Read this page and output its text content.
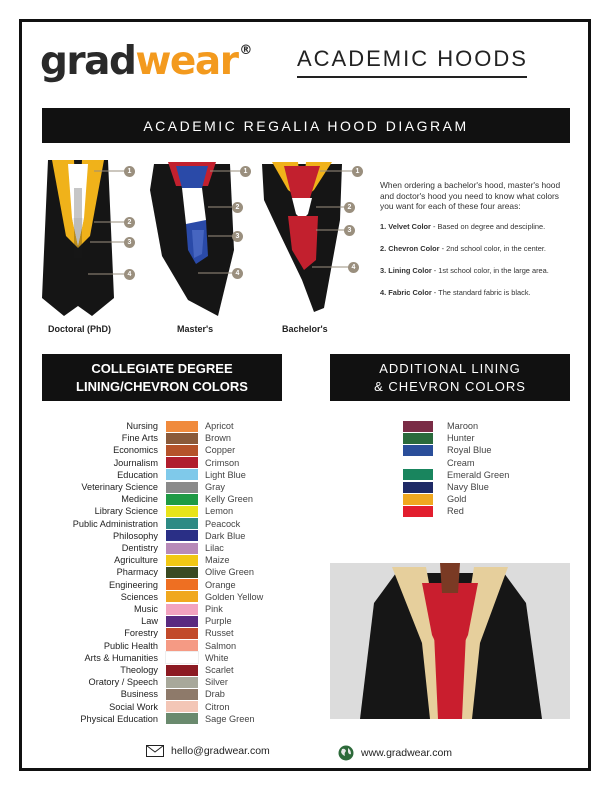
gradwear ® ACADEMIC HOODS
ACADEMIC REGALIA HOOD DIAGRAM
1
2
3
4
Doctoral (PhD)
1
2
3
4
Master's
1
2
3
4
Bachelor's

When ordering a bachelor's hood, master's hood and doctor's hood you need to know what colors you want for each of these four areas:

1. Velvet Color - Based on degree and descipline.

2. Chevron Color - 2nd school color, in the center.

3. Lining Color - 1st school color, in the large area.

4. Fabric Color - The standard fabric is black.

COLLEGIATE DEGREE
LINING/CHEVRON COLORS
ADDITIONAL LINING
& CHEVRON COLORS
Nursing	Apricot
Fine Arts	Brown
Economics	Copper
Journalism	Crimson
Education	Light Blue
Veterinary Science	Gray
Medicine	Kelly Green
Library Science	Lemon
Public Administration	Peacock
Philosophy	Dark Blue
Dentistry	Lilac
Agriculture	Maize
Pharmacy	Olive Green
Engineering	Orange
Sciences	Golden Yellow
Music	Pink
Law	Purple
Forestry	Russet
Public Health	Salmon
Arts & Humanities	White
Theology	Scarlet
Oratory / Speech	Silver
Business	Drab
Social Work	Citron
Physical Education	Sage Green
Maroon
Hunter
Royal Blue
Cream
Emerald Green
Navy Blue
Gold
Red
hello@gradwear.com	www.gradwear.com
